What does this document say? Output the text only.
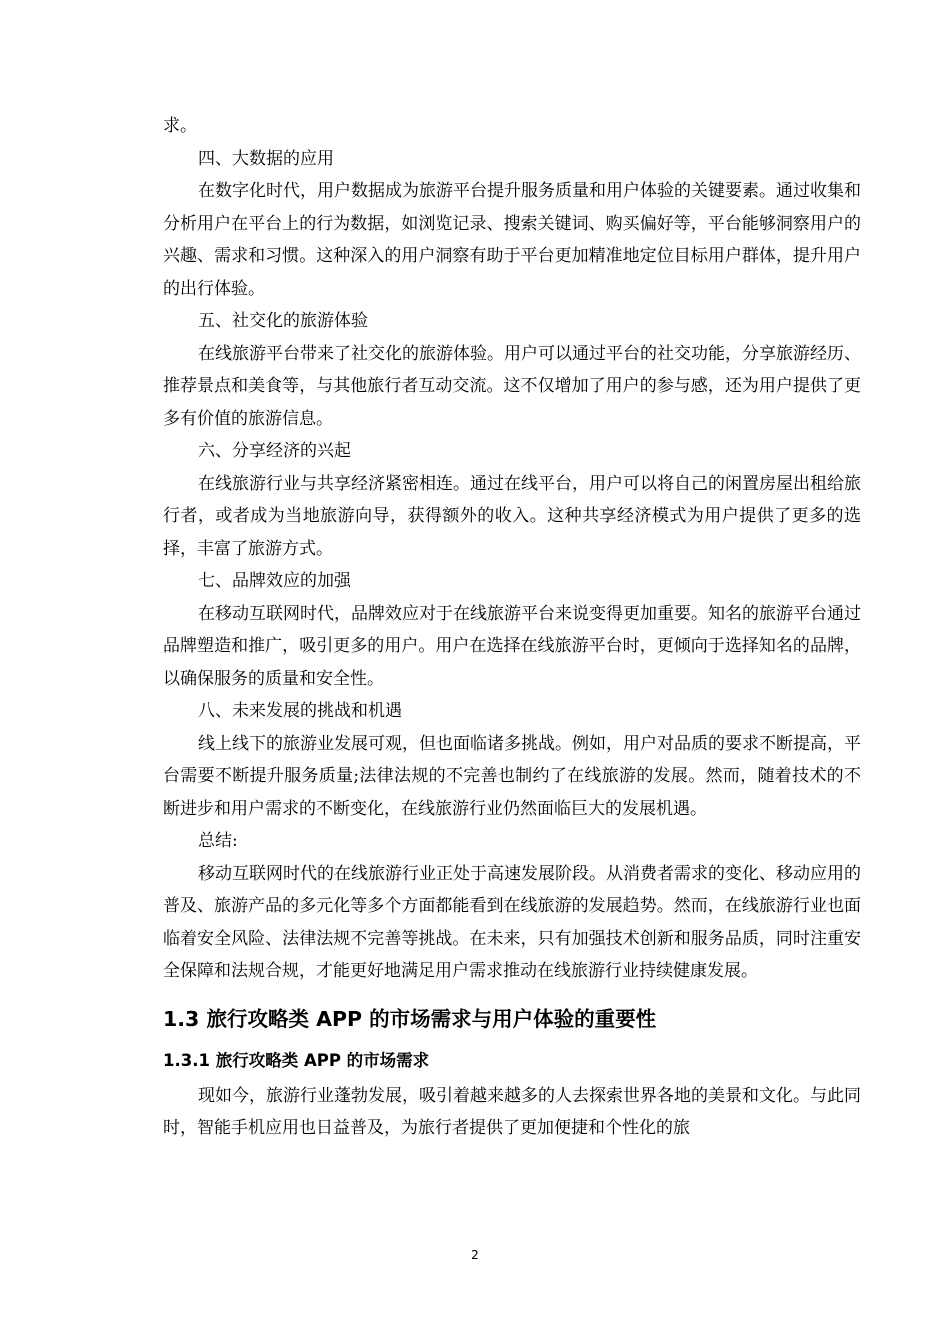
求。

四、大数据的应用

在数字化时代，用户数据成为旅游平台提升服务质量和用户体验的关键要素。通过收集和分析用户在平台上的行为数据，如浏览记录、搜索关键词、购买偏好等，平台能够洞察用户的兴趣、需求和习惯。这种深入的用户洞察有助于平台更加精准地定位目标用户群体，提升用户的出行体验。

五、社交化的旅游体验

在线旅游平台带来了社交化的旅游体验。用户可以通过平台的社交功能，分享旅游经历、推荐景点和美食等，与其他旅行者互动交流。这不仅增加了用户的参与感，还为用户提供了更多有价值的旅游信息。

六、分享经济的兴起

在线旅游行业与共享经济紧密相连。通过在线平台，用户可以将自己的闲置房屋出租给旅行者，或者成为当地旅游向导，获得额外的收入。这种共享经济模式为用户提供了更多的选择，丰富了旅游方式。

七、品牌效应的加强

在移动互联网时代，品牌效应对于在线旅游平台来说变得更加重要。知名的旅游平台通过品牌塑造和推广，吸引更多的用户。用户在选择在线旅游平台时，更倾向于选择知名的品牌，以确保服务的质量和安全性。

八、未来发展的挑战和机遇

线上线下的旅游业发展可观，但也面临诸多挑战。例如，用户对品质的要求不断提高，平台需要不断提升服务质量;法律法规的不完善也制约了在线旅游的发展。然而，随着技术的不断进步和用户需求的不断变化，在线旅游行业仍然面临巨大的发展机遇。

总结:

移动互联网时代的在线旅游行业正处于高速发展阶段。从消费者需求的变化、移动应用的普及、旅游产品的多元化等多个方面都能看到在线旅游的发展趋势。然而，在线旅游行业也面临着安全风险、法律法规不完善等挑战。在未来，只有加强技术创新和服务品质，同时注重安全保障和法规合规，才能更好地满足用户需求推动在线旅游行业持续健康发展。

1.3 旅行攻略类 APP 的市场需求与用户体验的重要性
1.3.1 旅行攻略类 APP 的市场需求

现如今，旅游行业蓬勃发展，吸引着越来越多的人去探索世界各地的美景和文化。与此同时，智能手机应用也日益普及，为旅行者提供了更加便捷和个性化的旅

2
